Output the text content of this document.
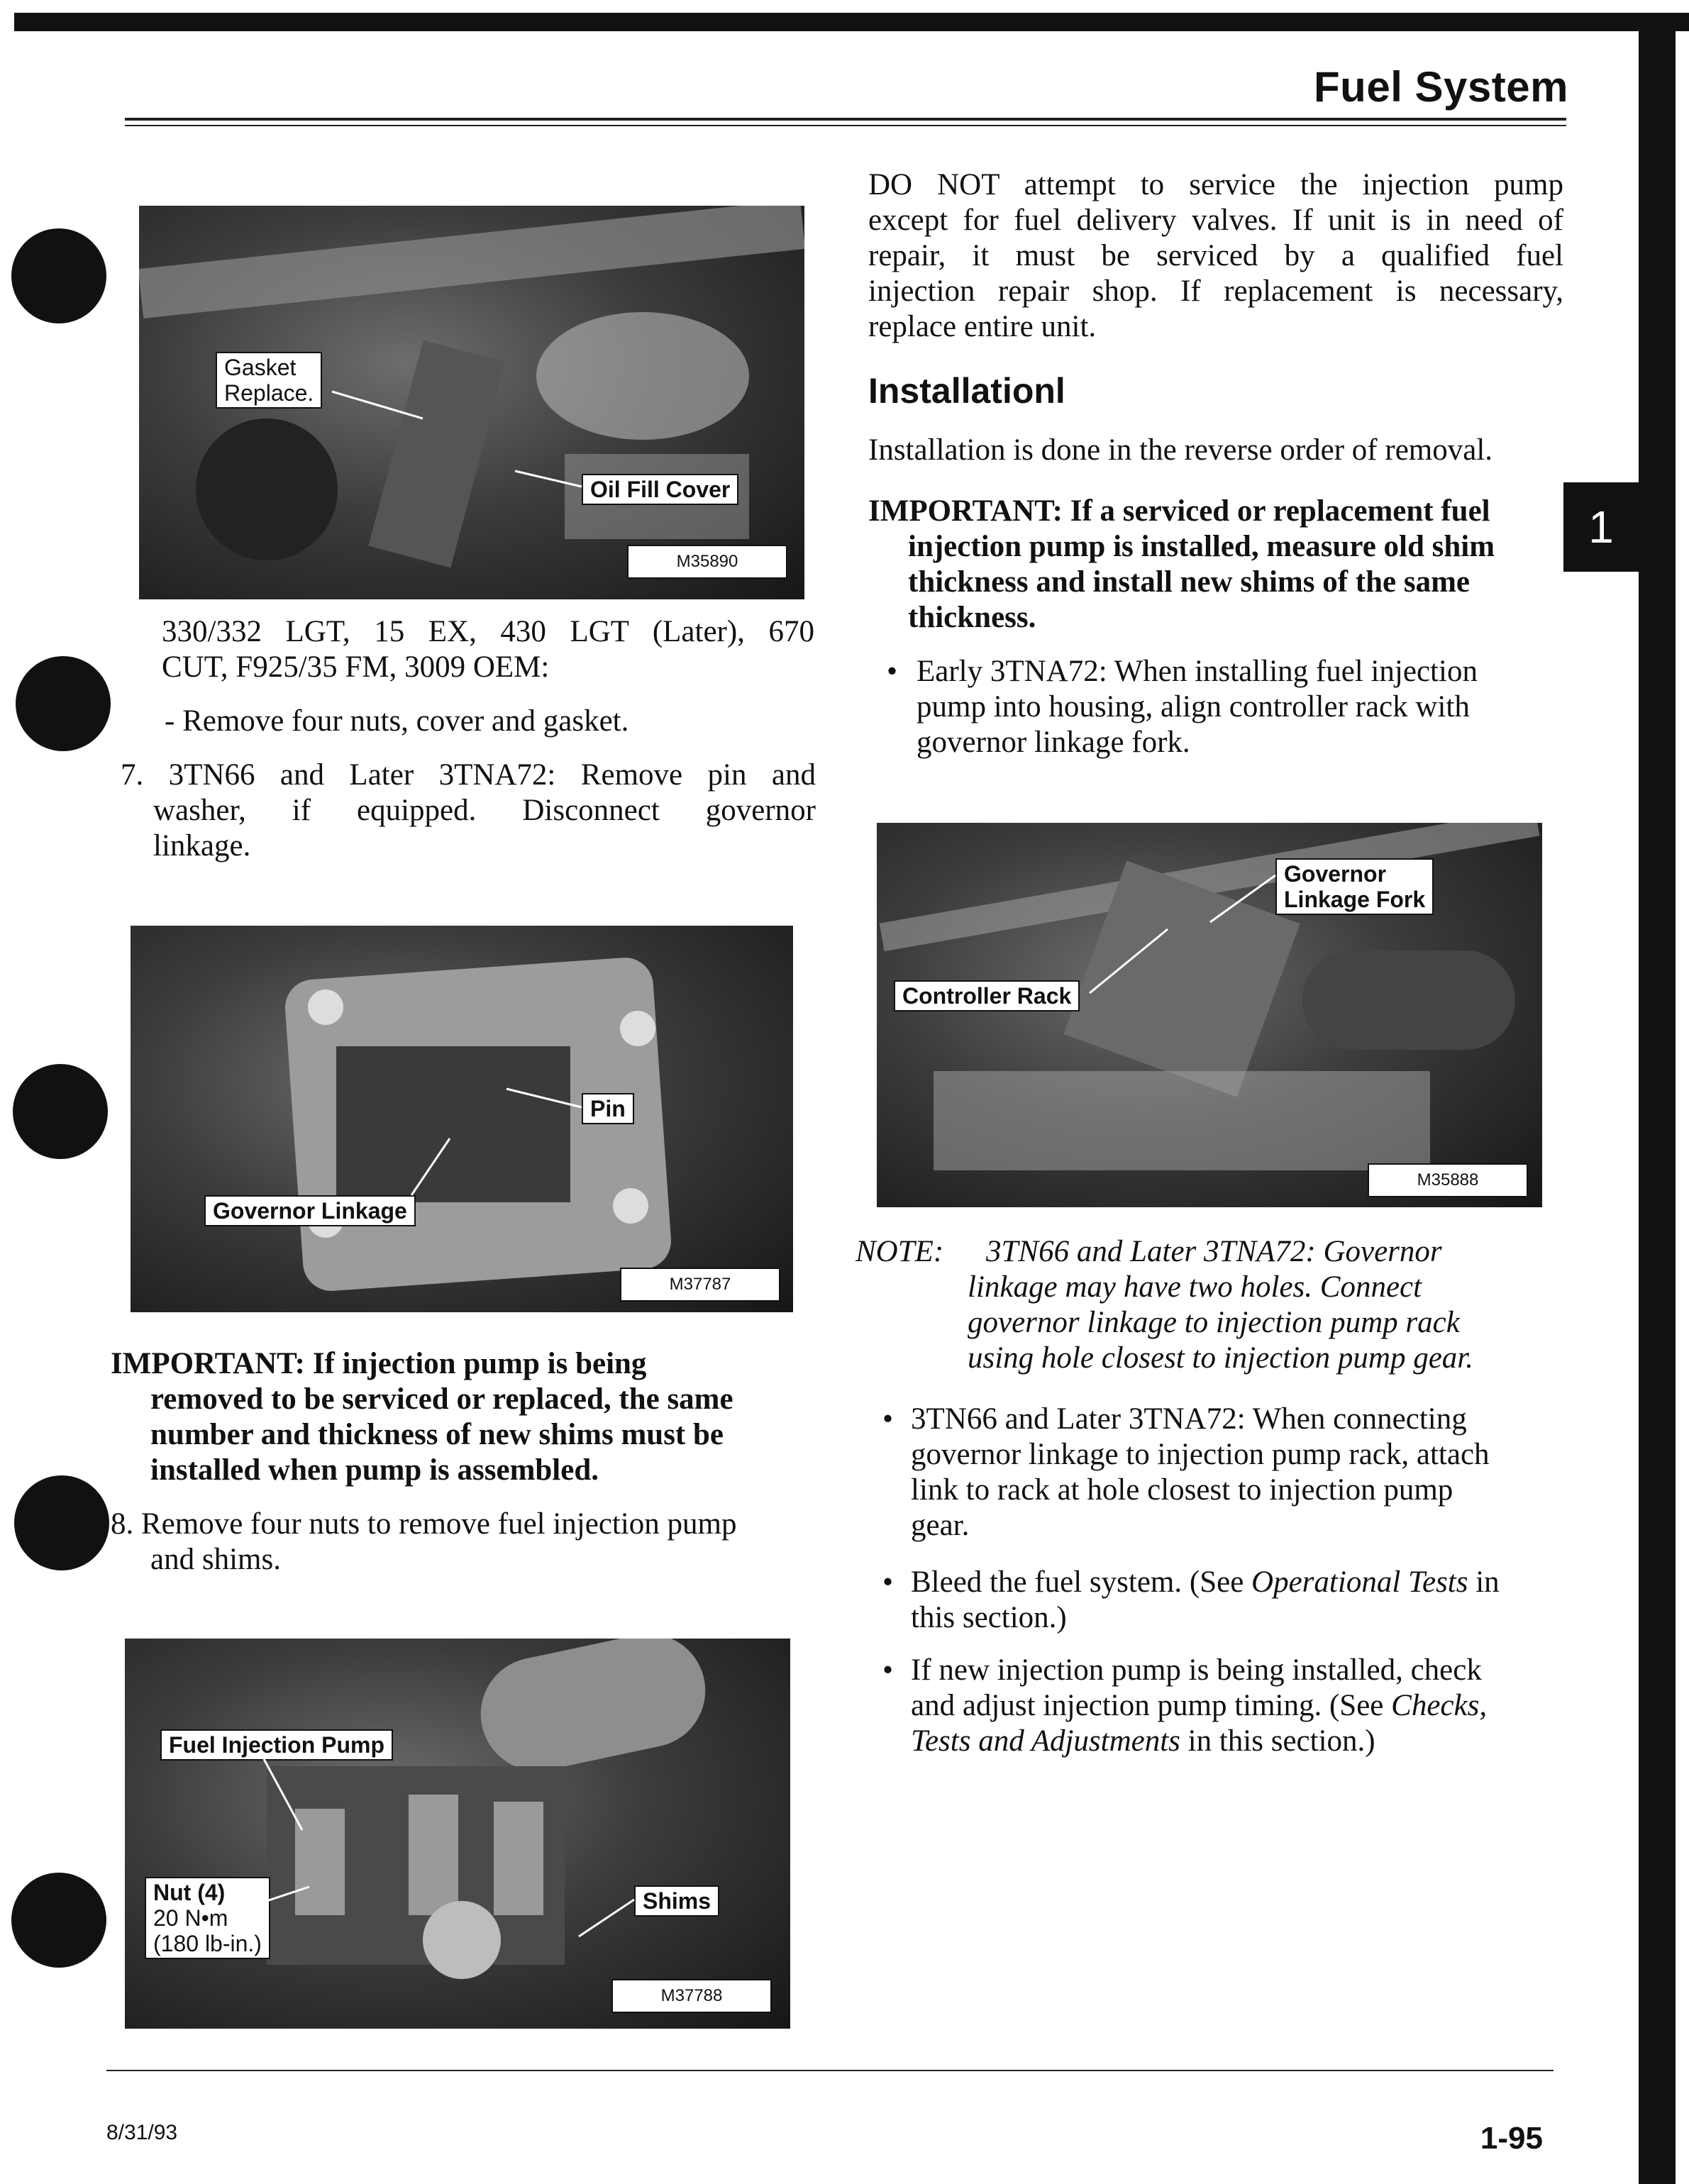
Fuel System
1
Gasket
Replace.
Oil Fill Cover
M35890
330/332 LGT, 15 EX, 430 LGT (Later), 670
CUT, F925/35 FM, 3009 OEM:
- Remove four nuts, cover and gasket.
7. 3TN66 and Later 3TNA72: Remove pin and
washer, if equipped. Disconnect governor
linkage.
Pin
Governor Linkage
M37787
IMPORTANT: If injection pump is being
removed to be serviced or replaced, the same
number and thickness of new shims must be
installed when pump is assembled.
8. Remove four nuts to remove fuel injection pump
and shims.
Fuel Injection Pump
Nut (4)
20 N•m
(180 lb-in.)
Shims
M37788
DO NOT attempt to service the injection pump
except for fuel delivery valves. If unit is in need of
repair, it must be serviced by a qualified fuel
injection repair shop. If replacement is necessary,
replace entire unit.
Installationl
Installation is done in the reverse order of removal.
IMPORTANT: If a serviced or replacement fuel
injection pump is installed, measure old shim
thickness and install new shims of the same
thickness.
• Early 3TNA72: When installing fuel injection
pump into housing, align controller rack with
governor linkage fork.
Governor
Linkage Fork
Controller Rack
M35888
NOTE: 3TN66 and Later 3TNA72: Governor
linkage may have two holes. Connect
governor linkage to injection pump rack
using hole closest to injection pump gear.
• 3TN66 and Later 3TNA72: When connecting
governor linkage to injection pump rack, attach
link to rack at hole closest to injection pump
gear.
• Bleed the fuel system. (See Operational Tests in
this section.)
• If new injection pump is being installed, check
and adjust injection pump timing. (See Checks,
Tests and Adjustments in this section.)
8/31/93	1-95
